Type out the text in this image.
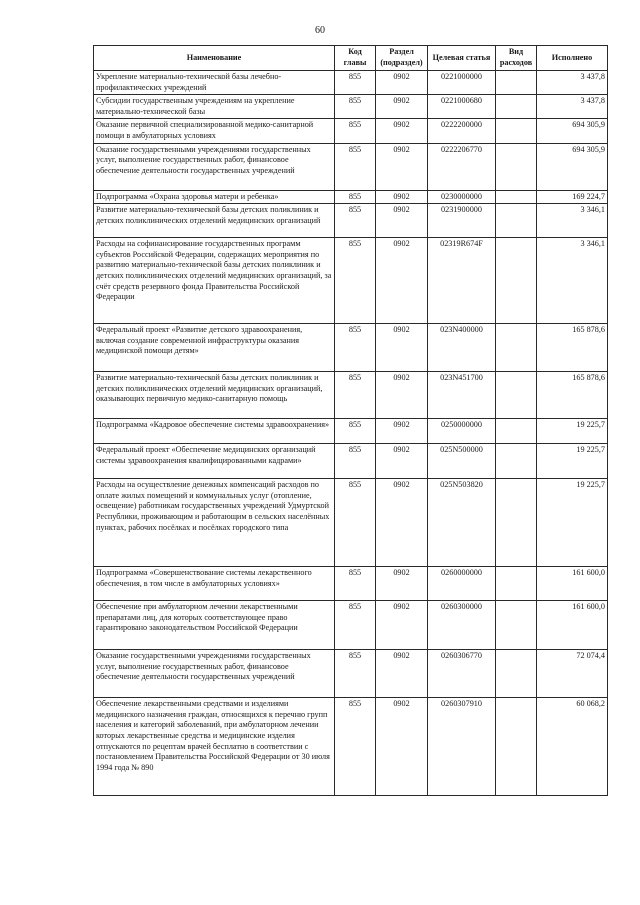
60
Наименование	Код главы	Раздел (подраздел)	Целевая статья	Вид расходов	Исполнено
Укрепление материально-технической базы лечебно-профилактических учреждений	855	0902	0221000000		3 437,8
Субсидии государственным учреждениям на укрепление материально-технической базы	855	0902	0221000680		3 437,8
Оказание первичной специализированной медико-санитарной помощи в амбулаторных условиях	855	0902	0222200000		694 305,9
Оказание государственными учреждениями государственных услуг, выполнение государственных работ, финансовое обеспечение деятельности государственных учреждений	855	0902	0222206770		694 305,9
Подпрограмма «Охрана здоровья матери и ребенка»	855	0902	0230000000		169 224,7
Развитие материально-технической базы детских поликлиник и детских поликлинических отделений медицинских организаций	855	0902	0231900000		3 346,1
Расходы на софинансирование государственных программ субъектов Российской Федерации, содержащих мероприятия по развитию материально-технической базы детских поликлиник и детских поликлинических отделений медицинских организаций, за счёт средств резервного фонда Правительства Российской Федерации	855	0902	02319R674F		3 346,1
Федеральный проект «Развитие детского здравоохранения, включая создание современной инфраструктуры оказания медицинской помощи детям»	855	0902	023N400000		165 878,6
Развитие материально-технической базы детских поликлиник и детских поликлинических отделений медицинских организаций, оказывающих первичную медико-санитарную помощь	855	0902	023N451700		165 878,6
Подпрограмма «Кадровое обеспечение системы здравоохранения»	855	0902	0250000000		19 225,7
Федеральный проект «Обеспечение медицинских организаций системы здравоохранения квалифицированными кадрами»	855	0902	025N500000		19 225,7
Расходы на осуществление денежных компенсаций расходов по оплате жилых помещений и коммунальных услуг (отопление, освещение) работникам государственных учреждений Удмуртской Республики, проживающим и работающим в сельских населённых пунктах, рабочих посёлках и посёлках городского типа	855	0902	025N503820		19 225,7
Подпрограмма «Совершенствование системы лекарственного обеспечения, в том числе в амбулаторных условиях»	855	0902	0260000000		161 600,0
Обеспечение при амбулаторном лечении лекарственными препаратами лиц, для которых соответствующее право гарантировано законодательством Российской Федерации	855	0902	0260300000		161 600,0
Оказание государственными учреждениями государственных услуг, выполнение государственных работ, финансовое обеспечение деятельности государственных учреждений	855	0902	0260306770		72 074,4
Обеспечение лекарственными средствами и изделиями медицинского назначения граждан, относящихся к перечню групп населения и категорий заболеваний, при амбулаторном лечении которых лекарственные средства и медицинские изделия отпускаются по рецептам врачей бесплатно в соответствии с постановлением Правительства Российской Федерации от 30 июля 1994 года № 890	855	0902	0260307910		60 068,2
